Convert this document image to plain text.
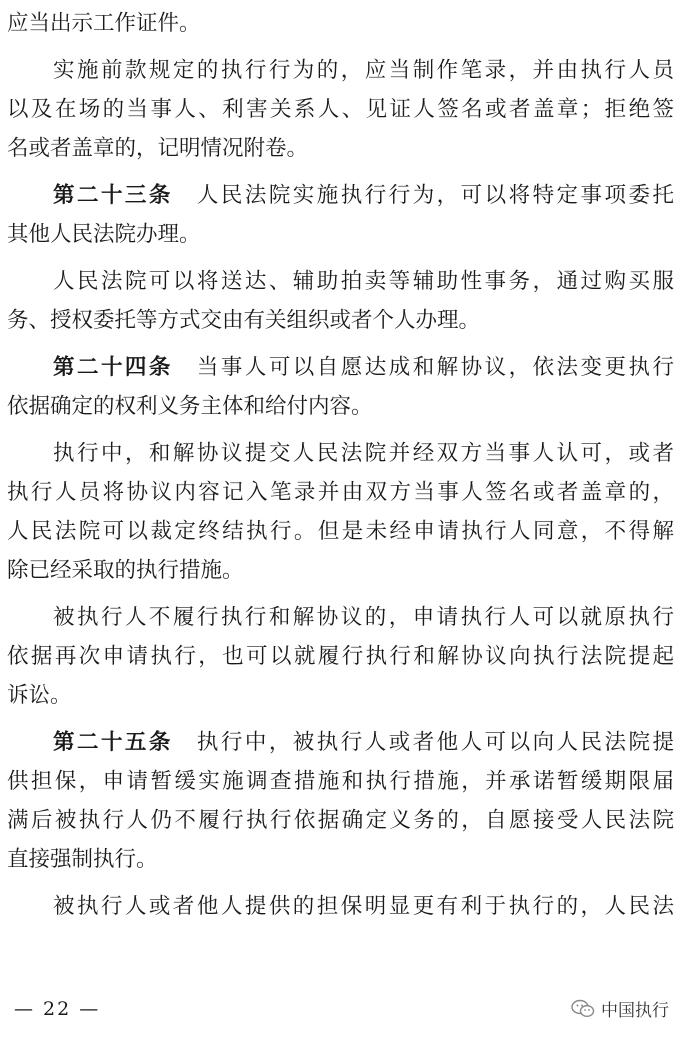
应当出示工作证件。
实施前款规定的执行行为的，应当制作笔录，并由执行人员
以及在场的当事人、利害关系人、见证人签名或者盖章；拒绝签
名或者盖章的，记明情况附卷。
第二十三条 人民法院实施执行行为，可以将特定事项委托
其他人民法院办理。
人民法院可以将送达、辅助拍卖等辅助性事务，通过购买服
务、授权委托等方式交由有关组织或者个人办理。
第二十四条 当事人可以自愿达成和解协议，依法变更执行
依据确定的权利义务主体和给付内容。
执行中，和解协议提交人民法院并经双方当事人认可，或者
执行人员将协议内容记入笔录并由双方当事人签名或者盖章的，
人民法院可以裁定终结执行。但是未经申请执行人同意，不得解
除已经采取的执行措施。
被执行人不履行执行和解协议的，申请执行人可以就原执行
依据再次申请执行，也可以就履行执行和解协议向执行法院提起
诉讼。
第二十五条 执行中，被执行人或者他人可以向人民法院提
供担保，申请暂缓实施调查措施和执行措施，并承诺暂缓期限届
满后被执行人仍不履行执行依据确定义务的，自愿接受人民法院
直接强制执行。
被执行人或者他人提供的担保明显更有利于执行的，人民法
— 22 —	中国执行
